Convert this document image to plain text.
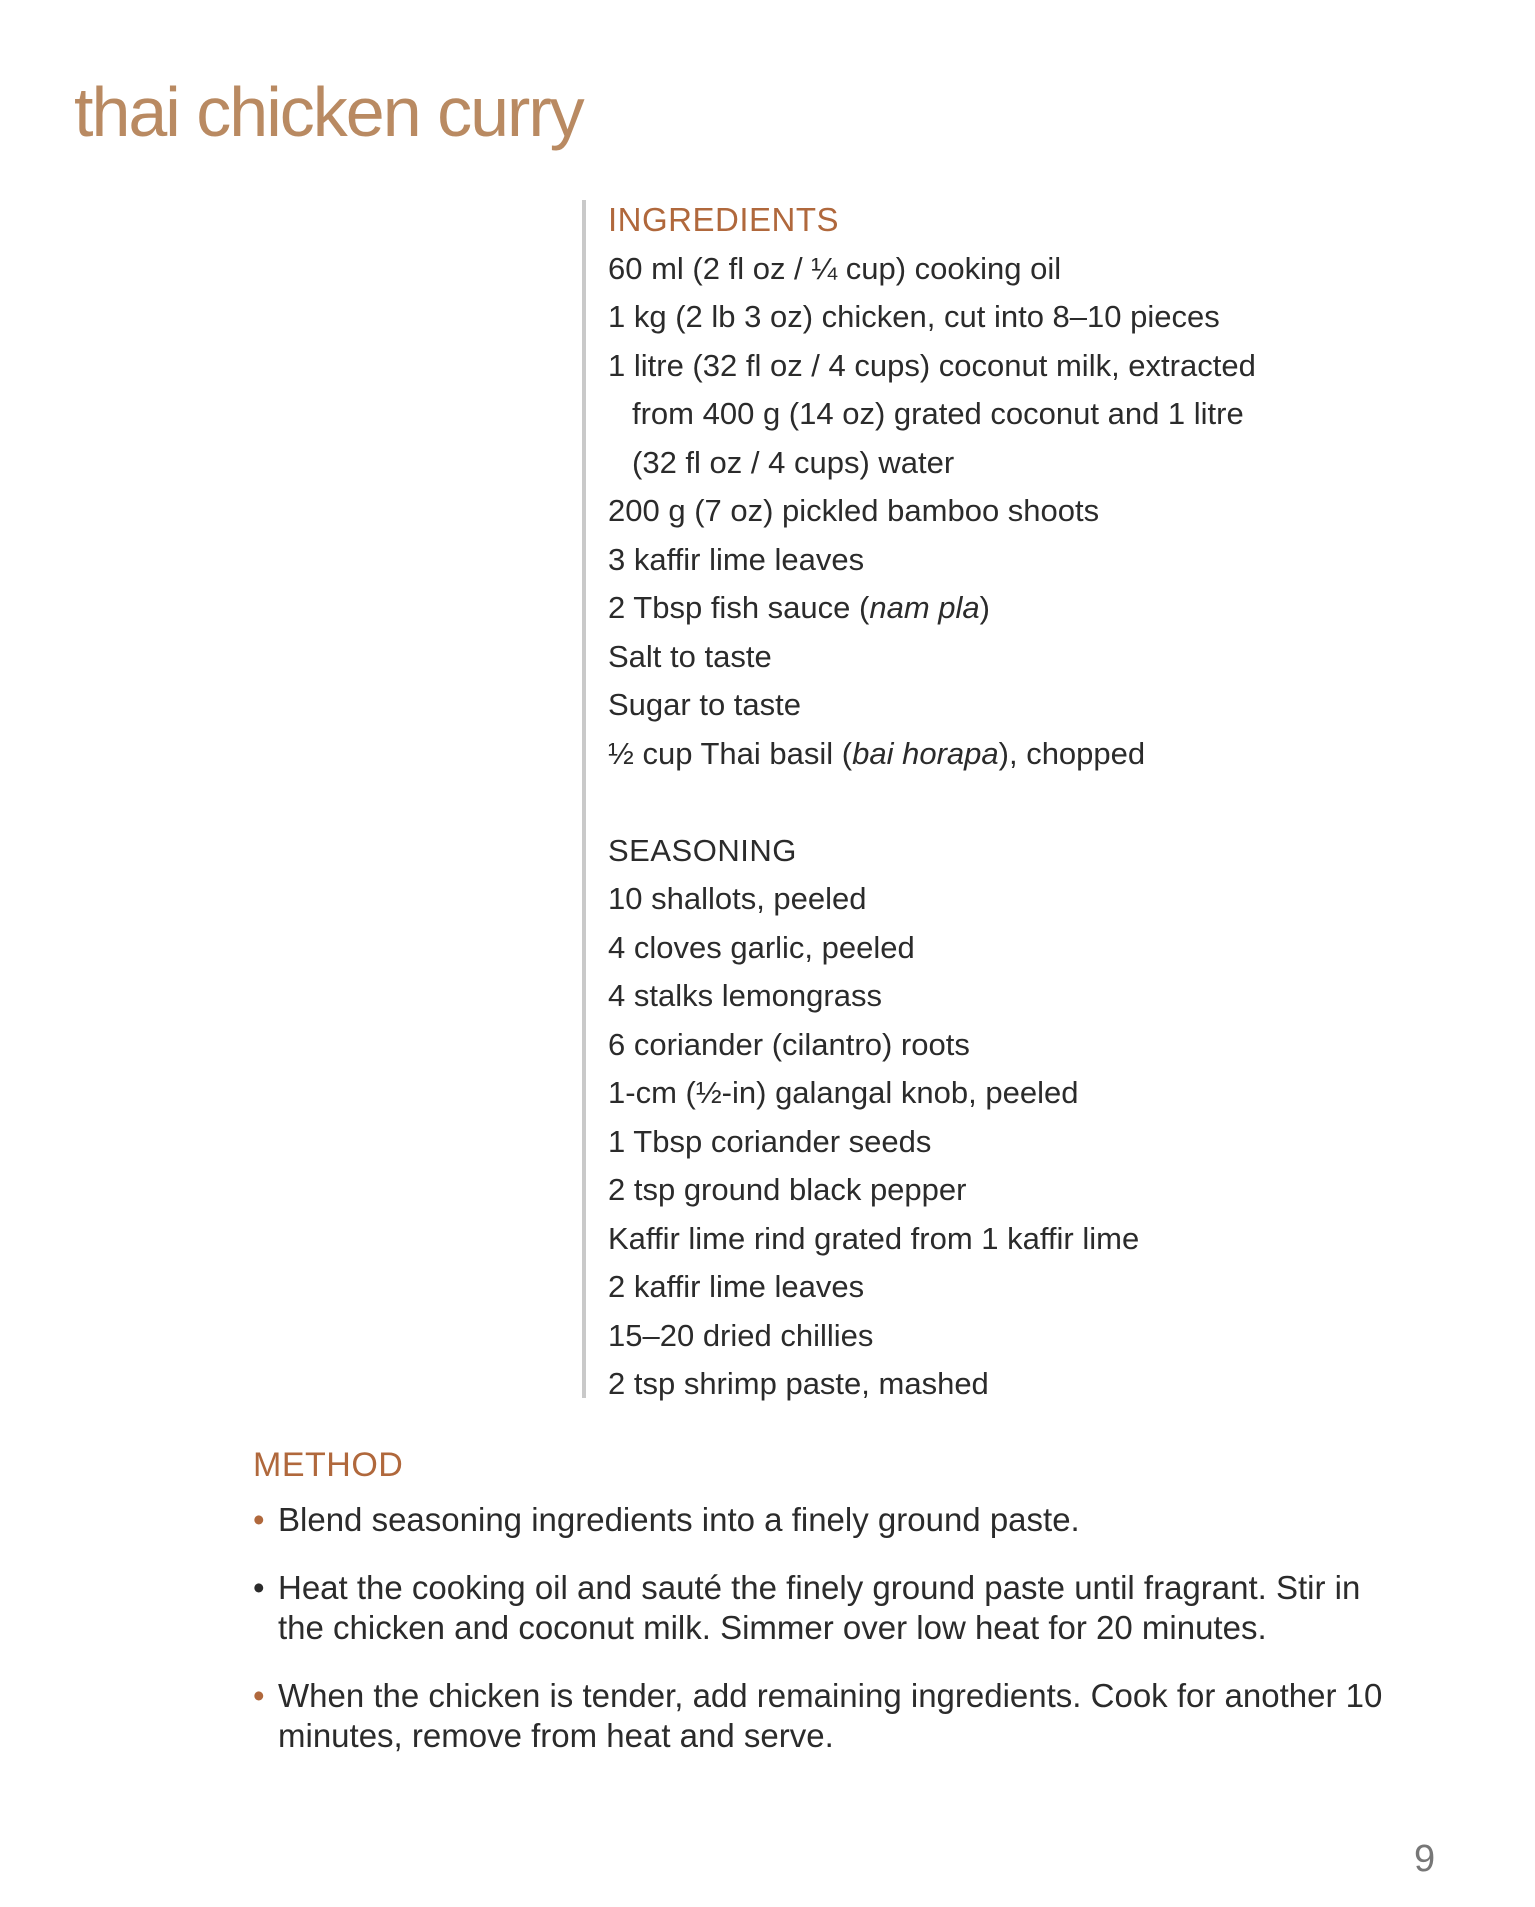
thai chicken curry
INGREDIENTS
60 ml (2 fl oz / ¼ cup) cooking oil
1 kg (2 lb 3 oz) chicken, cut into 8–10 pieces
1 litre (32 fl oz / 4 cups) coconut milk, extracted
from 400 g (14 oz) grated coconut and 1 litre
(32 fl oz / 4 cups) water
200 g (7 oz) pickled bamboo shoots
3 kaffir lime leaves
2 Tbsp fish sauce (nam pla)
Salt to taste
Sugar to taste
½ cup Thai basil (bai horapa), chopped
SEASONING
10 shallots, peeled
4 cloves garlic, peeled
4 stalks lemongrass
6 coriander (cilantro) roots
1-cm (½-in) galangal knob, peeled
1 Tbsp coriander seeds
2 tsp ground black pepper
Kaffir lime rind grated from 1 kaffir lime
2 kaffir lime leaves
15–20 dried chillies
2 tsp shrimp paste, mashed
METHOD
• Blend seasoning ingredients into a finely ground paste.
• Heat the cooking oil and sauté the finely ground paste until fragrant. Stir in the chicken and coconut milk. Simmer over low heat for 20 minutes.
• When the chicken is tender, add remaining ingredients. Cook for another 10 minutes, remove from heat and serve.
9
